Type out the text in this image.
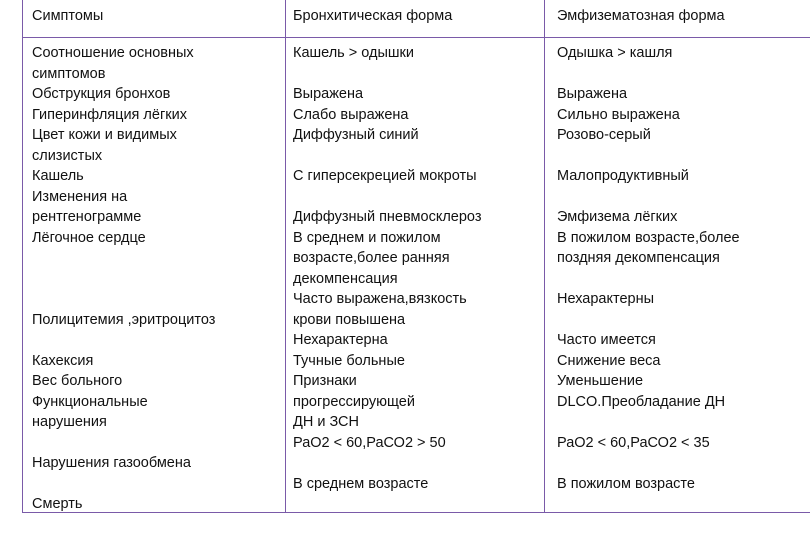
Симптомы	Бронхитическая форма	Эмфизематозная форма
Соотношение основных
симптомов
Обструкция бронхов
Гиперинфляция лёгких
Цвет кожи и видимых
слизистых
Кашель
Изменения на
рентгенограмме
Лёгочное сердце

Полицитемия ,эритроцитоз

Кахексия
Вес больного
Функциональные
нарушения

Нарушения газообмена

Смерть
Кашель > одышки

Выражена
Слабо выражена
Диффузный синий

С гиперсекрецией мокроты

Диффузный пневмосклероз
В среднем и пожилом
возрасте,более ранняя
декомпенсация
Часто выражена,вязкость
крови повышена
Нехарактерна
Тучные больные
Признаки
прогрессирующей
ДН и ЗСН
РаО2 < 60,РаСО2 > 50

В среднем возрасте
Одышка > кашля

Выражена
Сильно выражена
Розово-серый

Малопродуктивный

Эмфизема лёгких
В пожилом возрасте,более
поздняя декомпенсация

Нехарактерны

Часто имеется
Снижение веса
Уменьшение
DLCO.Преобладание ДН

РаО2 < 60,РаСО2 < 35

В пожилом возрасте
